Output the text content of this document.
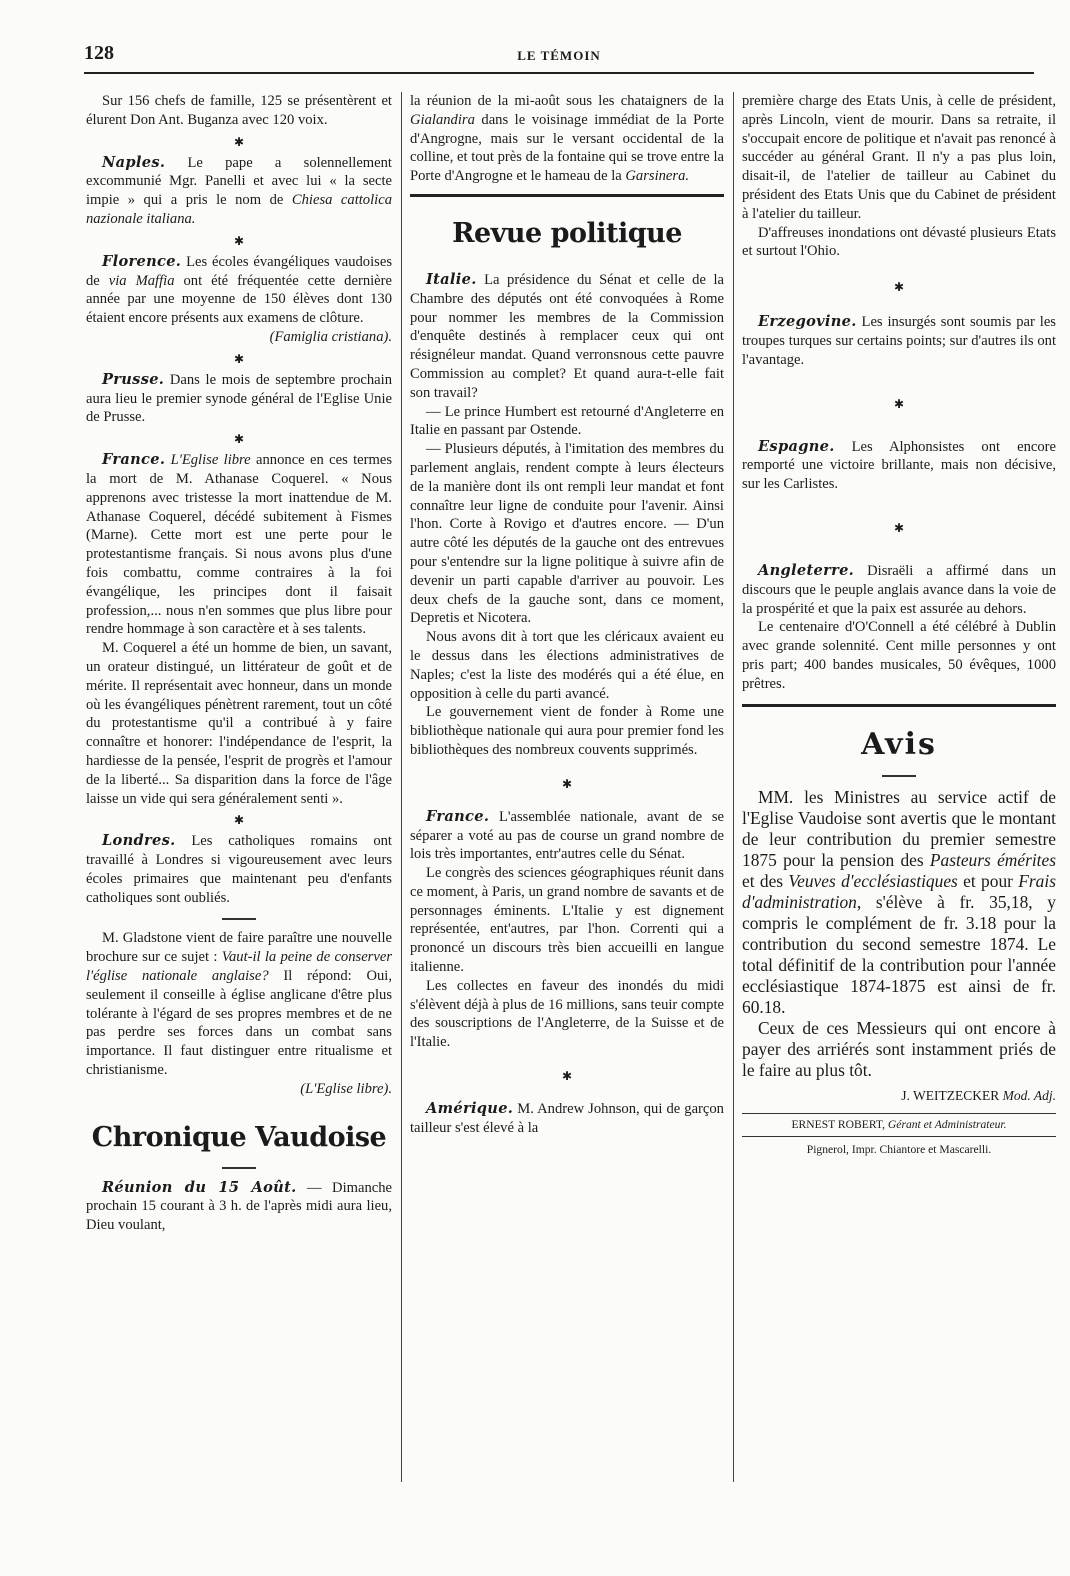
128	LE TÉMOIN

Sur 156 chefs de famille, 125 se présentèrent et élurent Don Ant. Buganza avec 120 voix.

✱

Naples. Le pape a solennellement excommunié Mgr. Panelli et avec lui « la secte impie » qui a pris le nom de Chiesa cattolica nazionale italiana.

✱

Florence. Les écoles évangéliques vaudoises de via Maffia ont été fréquentée cette dernière année par une moyenne de 150 élèves dont 130 étaient encore présents aux examens de clôture.

(Famiglia cristiana).
✱

Prusse. Dans le mois de septembre prochain aura lieu le premier synode général de l'Eglise Unie de Prusse.

✱

France. L'Eglise libre annonce en ces termes la mort de M. Athanase Coquerel. « Nous apprenons avec tristesse la mort inattendue de M. Athanase Coquerel, décédé subitement à Fismes (Marne). Cette mort est une perte pour le protestantisme français. Si nous avons plus d'une fois combattu, comme contraires à la foi évangélique, les principes dont il faisait profession,... nous n'en sommes que plus libre pour rendre hommage à son caractère et à ses talents.

M. Coquerel a été un homme de bien, un savant, un orateur distingué, un littérateur de goût et de mérite. Il représentait avec honneur, dans un monde où les évangéliques pénètrent rarement, tout un côté du protestantisme qu'il a contribué à y faire connaître et honorer: l'indépendance de l'esprit, la hardiesse de la pensée, l'esprit de progrès et l'amour de la liberté... Sa disparition dans la force de l'âge laisse un vide qui sera généralement senti ».

✱

Londres. Les catholiques romains ont travaillé à Londres si vigoureusement avec leurs écoles primaires que maintenant peu d'enfants catholiques sont oubliés.

M. Gladstone vient de faire paraître une nouvelle brochure sur ce sujet : Vaut-il la peine de conserver l'église nationale anglaise? Il répond: Oui, seulement il conseille à église anglicane d'être plus tolérante à l'égard de ses propres membres et de ne pas perdre ses forces dans un combat sans importance. Il faut distinguer entre ritualisme et christianisme.

(L'Eglise libre).
Chronique Vaudoise

Réunion du 15 Août. — Dimanche prochain 15 courant à 3 h. de l'après midi aura lieu, Dieu voulant,

la réunion de la mi-août sous les chataigners de la Gialandira dans le voisinage immédiat de la Porte d'Angrogne, mais sur le versant occidental de la colline, et tout près de la fontaine qui se trove entre la Porte d'Angrogne et le hameau de la Garsinera.

Revue politique

Italie. La présidence du Sénat et celle de la Chambre des députés ont été convoquées à Rome pour nommer les membres de la Commission d'enquête destinés à remplacer ceux qui ont résignéleur mandat. Quand verronsnous cette pauvre Commission au complet? Et quand aura-t-elle fait son travail?

— Le prince Humbert est retourné d'Angleterre en Italie en passant par Ostende.

— Plusieurs députés, à l'imitation des membres du parlement anglais, rendent compte à leurs électeurs de la manière dont ils ont rempli leur mandat et font connaître leur ligne de conduite pour l'avenir. Ainsi l'hon. Corte à Rovigo et d'autres encore. — D'un autre côté les députés de la gauche ont des entrevues pour s'entendre sur la ligne politique à suivre afin de devenir un parti capable d'arriver au pouvoir. Les deux chefs de la gauche sont, dans ce moment, Depretis et Nicotera.

Nous avons dit à tort que les cléricaux avaient eu le dessus dans les élections administratives de Naples; c'est la liste des modérés qui a été élue, en opposition à celle du parti avancé.

Le gouvernement vient de fonder à Rome une bibliothèque nationale qui aura pour premier fond les bibliothèques des nombreux couvents supprimés.

✱

France. L'assemblée nationale, avant de se séparer a voté au pas de course un grand nombre de lois très importantes, entr'autres celle du Sénat.

Le congrès des sciences géographiques réunit dans ce moment, à Paris, un grand nombre de savants et de personnages éminents. L'Italie y est dignement représentée, ent'autres, par l'hon. Correnti qui a prononcé un discours très bien accueilli en langue italienne.

Les collectes en faveur des inondés du midi s'élèvent déjà à plus de 16 millions, sans teuir compte des souscriptions de l'Angleterre, de la Suisse et de l'Italie.

✱

Amérique. M. Andrew Johnson, qui de garçon tailleur s'est élevé à la

première charge des Etats Unis, à celle de président, après Lincoln, vient de mourir. Dans sa retraite, il s'occupait encore de politique et n'avait pas renoncé à succéder au général Grant. Il n'y a pas plus loin, disait-il, de l'atelier de tailleur au Cabinet du président des Etats Unis que du Cabinet de président à l'atelier du tailleur.

D'affreuses inondations ont dévasté plusieurs Etats et surtout l'Ohio.

✱

Erzegovine. Les insurgés sont soumis par les troupes turques sur certains points; sur d'autres ils ont l'avantage.

✱

Espagne. Les Alphonsistes ont encore remporté une victoire brillante, mais non décisive, sur les Carlistes.

✱

Angleterre. Disraëli a affirmé dans un discours que le peuple anglais avance dans la voie de la prospérité et que la paix est assurée au dehors.

Le centenaire d'O'Connell a été célébré à Dublin avec grande solennité. Cent mille personnes y ont pris part; 400 bandes musicales, 50 évêques, 1000 prêtres.

Avis

MM. les Ministres au service actif de l'Eglise Vaudoise sont avertis que le montant de leur contribution du premier semestre 1875 pour la pension des Pasteurs émérites et des Veuves d'ecclésiastiques et pour Frais d'administration, s'élève à fr. 35,18, y compris le complément de fr. 3.18 pour la contribution du second semestre 1874. Le total définitif de la contribution pour l'année ecclésiastique 1874-1875 est ainsi de fr. 60.18.

Ceux de ces Messieurs qui ont encore à payer des arriérés sont instamment priés de le faire au plus tôt.

J. WEITZECKER Mod. Adj.
ERNEST ROBERT, Gérant et Administrateur.
Pignerol, Impr. Chiantore et Mascarelli.
